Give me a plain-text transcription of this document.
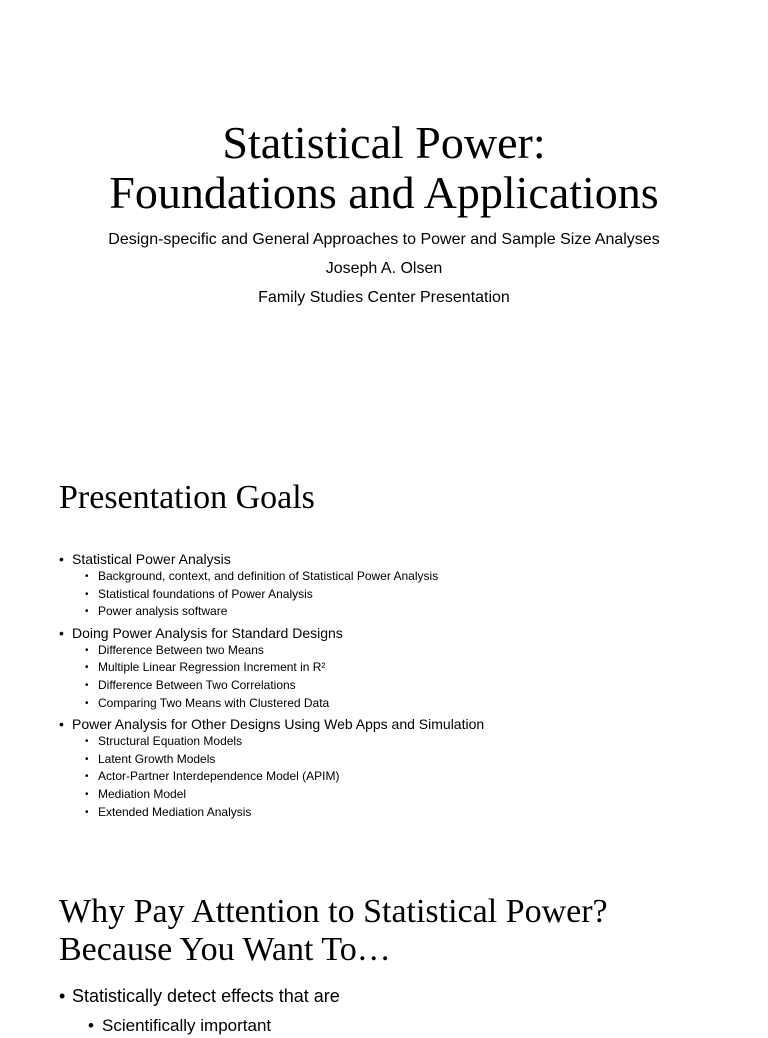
Statistical Power:
Foundations and Applications
Design-specific and General Approaches to Power and Sample Size Analyses
Joseph A. Olsen
Family Studies Center Presentation
Presentation Goals
• Statistical Power Analysis
• Background, context, and definition of Statistical Power Analysis
• Statistical foundations of Power Analysis
• Power analysis software
• Doing Power Analysis for Standard Designs
• Difference Between two Means
• Multiple Linear Regression Increment in R²
• Difference Between Two Correlations
• Comparing Two Means with Clustered Data
• Power Analysis for Other Designs Using Web Apps and Simulation
• Structural Equation Models
• Latent Growth Models
• Actor-Partner Interdependence Model (APIM)
• Mediation Model
• Extended Mediation Analysis
Why Pay Attention to Statistical Power?
Because You Want To…
• Statistically detect effects that are
• Scientifically important
